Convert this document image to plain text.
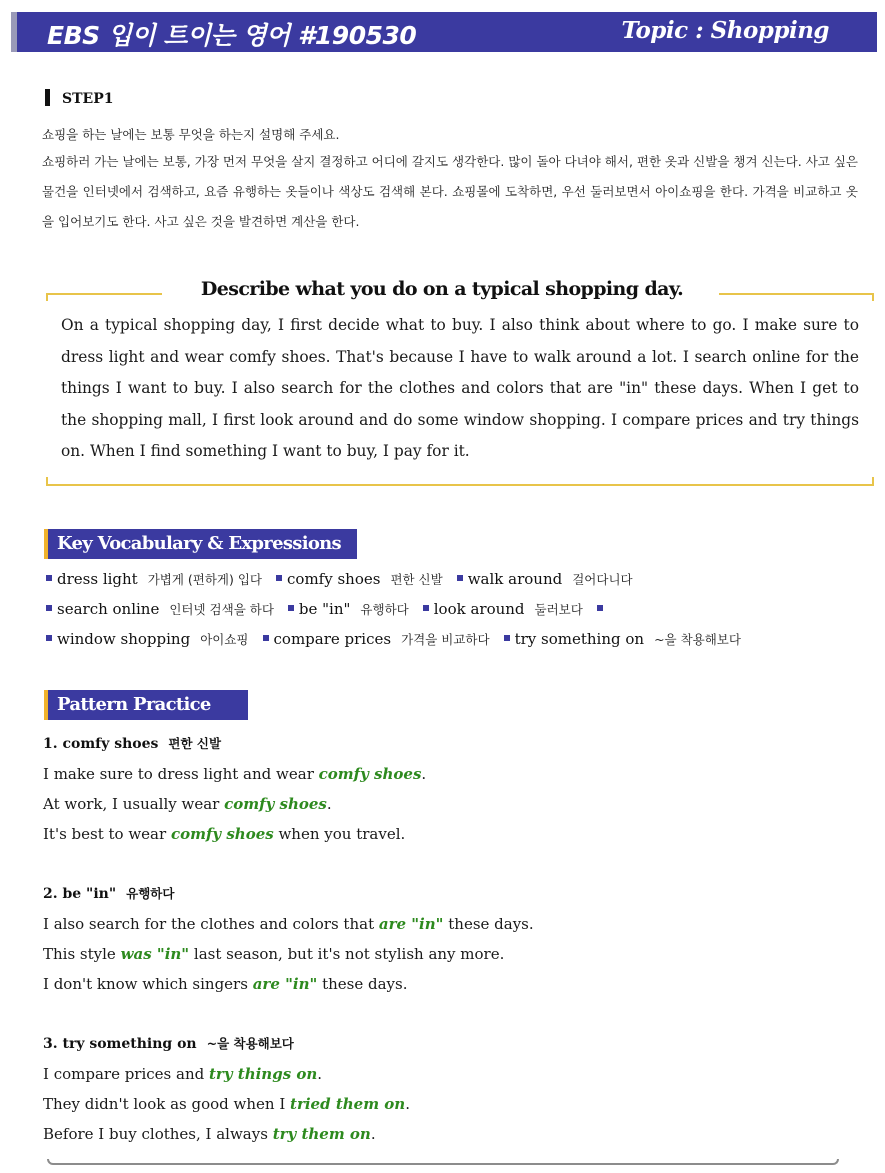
EBS 입이 트이는 영어 #190530	Topic : Shopping
STEP1
쇼핑을 하는 날에는 보통 무엇을 하는지 설명해 주세요.
쇼핑하러 가는 날에는 보통, 가장 먼저 무엇을 살지 결정하고 어디에 갈지도 생각한다. 많이 돌아 다녀야 해서, 편한 옷과 신발을 챙겨 신는다. 사고 싶은 물건을 인터넷에서 검색하고, 요즘 유행하는 옷들이나 색상도 검색해 본다. 쇼핑몰에 도착하면, 우선 둘러보면서 아이쇼핑을 한다. 가격을 비교하고 옷을 입어보기도 한다. 사고 싶은 것을 발견하면 계산을 한다.
Describe what you do on a typical shopping day.
On a typical shopping day, I first decide what to buy. I also think about where to go. I make sure to dress light and wear comfy shoes. That's because I have to walk around a lot. I search online for the things I want to buy. I also search for the clothes and colors that are "in" these days. When I get to the shopping mall, I first look around and do some window shopping. I compare prices and try things on. When I find something I want to buy, I pay for it.
Key Vocabulary & Expressions
dress light 가볍게 (편하게) 입다 comfy shoes 편한 신발 walk around 걸어다니다
search online 인터넷 검색을 하다 be "in" 유행하다 look around 둘러보다
window shopping 아이쇼핑 compare prices 가격을 비교하다 try something on ~을 착용해보다
Pattern Practice
1. comfy shoes 편한 신발
I make sure to dress light and wear comfy shoes.
At work, I usually wear comfy shoes.
It's best to wear comfy shoes when you travel.
2. be "in" 유행하다
I also search for the clothes and colors that are "in" these days.
This style was "in" last season, but it's not stylish any more.
I don't know which singers are "in" these days.
3. try something on ~을 착용해보다
I compare prices and try things on.
They didn't look as good when I tried them on.
Before I buy clothes, I always try them on.
